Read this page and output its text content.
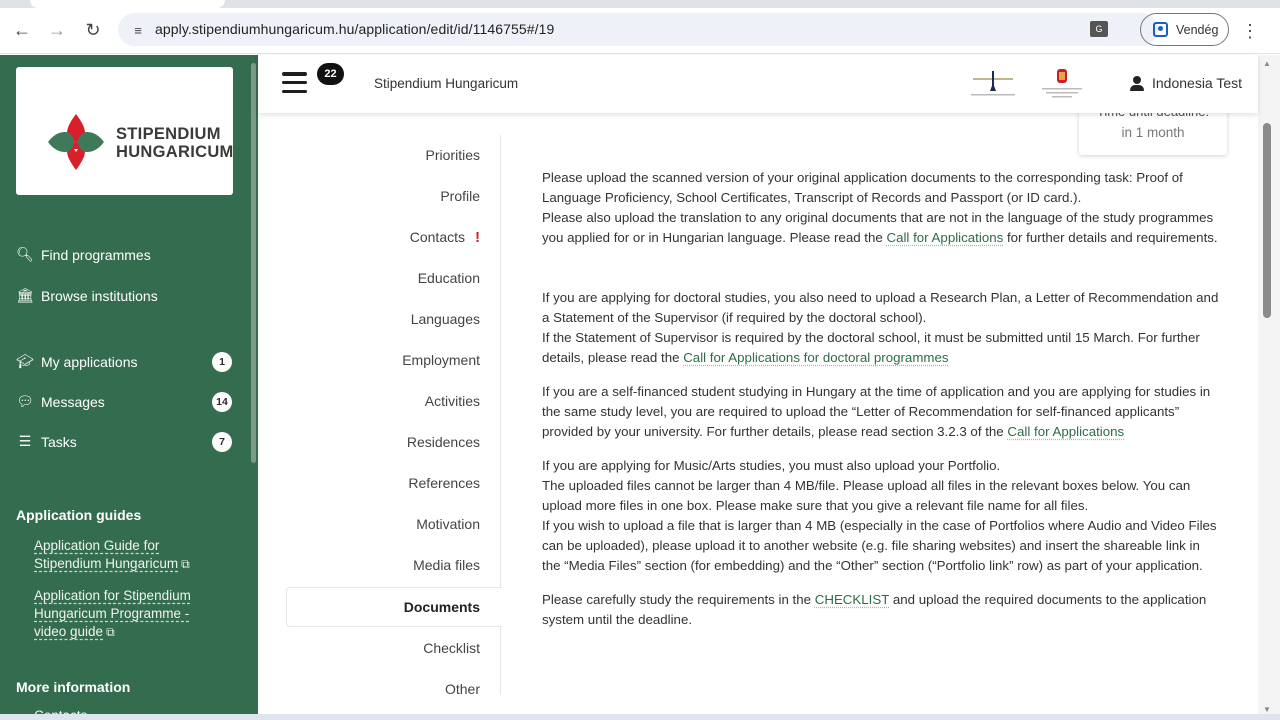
← → ↻	≡ apply.stipendiumhungaricum.hu/application/edit/id/1146755#/19	G	Vendég ⋮
STIPENDIUM
HUNGARICUM
🔍︎ Find programmes
🏛︎ Browse institutions
🎓︎ My applications	1
💬︎ Messages	14
☰ Tasks	7
Application guides
Application Guide for Stipendium Hungaricum ⧉
Application for Stipendium Hungaricum Programme - video guide ⧉
More information
22
Stipendium Hungaricum	Indonesia Test
▲
▼
in 1 month
Priorities
Profile
Contacts !
Education
Languages
Employment
Activities
Residences
References
Motivation
Media files
Documents
Checklist
Other

Please upload the scanned version of your original application documents to the corresponding task: Proof of Language Proficiency, School Certificates, Transcript of Records and Passport (or ID card.).
Please also upload the translation to any original documents that are not in the language of the study programmes you applied for or in Hungarian language. Please read the Call for Applications for further details and requirements.

If you are applying for doctoral studies, you also need to upload a Research Plan, a Letter of Recommendation and a Statement of the Supervisor (if required by the doctoral school).
If the Statement of Supervisor is required by the doctoral school, it must be submitted until 15 March. For further details, please read the Call for Applications for doctoral programmes

If you are a self-financed student studying in Hungary at the time of application and you are applying for studies in the same study level, you are required to upload the “Letter of Recommendation for self-financed applicants” provided by your university. For further details, please read section 3.2.3 of the Call for Applications

If you are applying for Music/Arts studies, you must also upload your Portfolio.
The uploaded files cannot be larger than 4 MB/file. Please upload all files in the relevant boxes below. You can upload more files in one box. Please make sure that you give a relevant file name for all files.
If you wish to upload a file that is larger than 4 MB (especially in the case of Portfolios where Audio and Video Files can be uploaded), please upload it to another website (e.g. file sharing websites) and insert the shareable link in the “Media Files” section (for embedding) and the “Other” section (“Portfolio link” row) as part of your application.

Please carefully study the requirements in the CHECKLIST and upload the required documents to the application system until the deadline.
